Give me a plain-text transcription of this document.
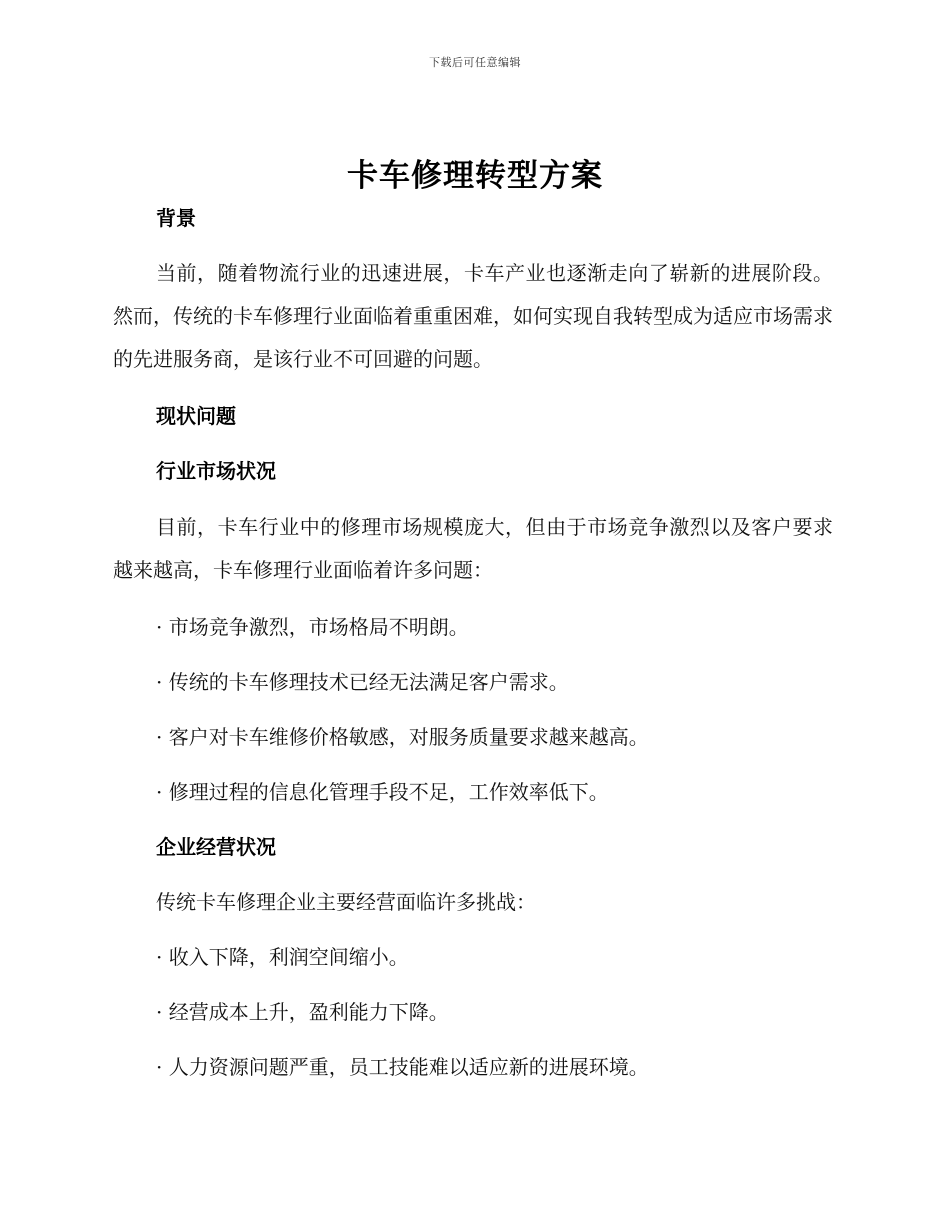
下载后可任意编辑
卡车修理转型方案
背景

当前，随着物流行业的迅速进展，卡车产业也逐渐走向了崭新的进展阶段。然而，传统的卡车修理行业面临着重重困难，如何实现自我转型成为适应市场需求的先进服务商，是该行业不可回避的问题。

现状问题
行业市场状况

目前，卡车行业中的修理市场规模庞大，但由于市场竞争激烈以及客户要求越来越高，卡车修理行业面临着许多问题：

· 市场竞争激烈，市场格局不明朗。
· 传统的卡车修理技术已经无法满足客户需求。
· 客户对卡车维修价格敏感，对服务质量要求越来越高。
· 修理过程的信息化管理手段不足，工作效率低下。
企业经营状况
传统卡车修理企业主要经营面临许多挑战：
· 收入下降，利润空间缩小。
· 经营成本上升，盈利能力下降。
· 人力资源问题严重，员工技能难以适应新的进展环境。
